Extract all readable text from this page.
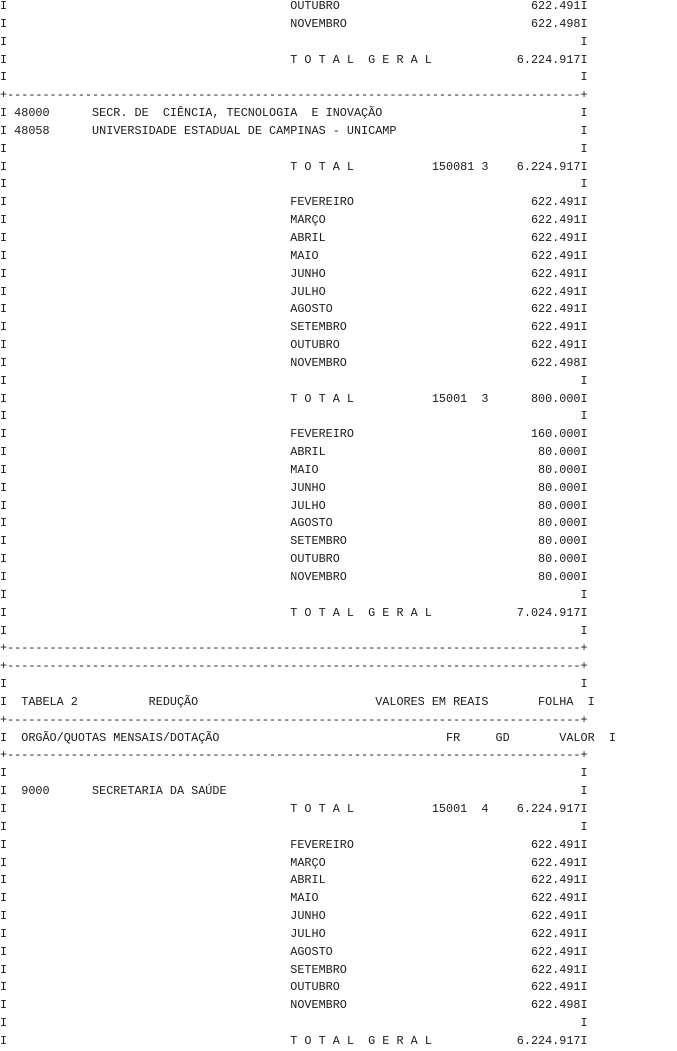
I                                        OUTUBRO                           622.491I
I                                        NOVEMBRO                          622.498I
I                                                                                 I
I                                        T O T A L  G E R A L            6.224.917I
I                                                                                 I
+---------------------------------------------------------------------------------+
I 48000      SECR. DE  CIÊNCIA, TECNOLOGIA  E INOVAÇÃO                            I
I 48058      UNIVERSIDADE ESTADUAL DE CAMPINAS - UNICAMP                          I
I                                                                                 I
I                                        T O T A L           150081 3    6.224.917I
I                                                                                 I
I                                        FEVEREIRO                         622.491I
I                                        MARÇO                             622.491I
I                                        ABRIL                             622.491I
I                                        MAIO                              622.491I
I                                        JUNHO                             622.491I
I                                        JULHO                             622.491I
I                                        AGOSTO                            622.491I
I                                        SETEMBRO                          622.491I
I                                        OUTUBRO                           622.491I
I                                        NOVEMBRO                          622.498I
I                                                                                 I
I                                        T O T A L           15001  3      800.000I
I                                                                                 I
I                                        FEVEREIRO                         160.000I
I                                        ABRIL                              80.000I
I                                        MAIO                               80.000I
I                                        JUNHO                              80.000I
I                                        JULHO                              80.000I
I                                        AGOSTO                             80.000I
I                                        SETEMBRO                           80.000I
I                                        OUTUBRO                            80.000I
I                                        NOVEMBRO                           80.000I
I                                                                                 I
I                                        T O T A L  G E R A L            7.024.917I
I                                                                                 I
+---------------------------------------------------------------------------------+
+---------------------------------------------------------------------------------+
I                                                                                 I
I  TABELA 2          REDUÇÃO                         VALORES EM REAIS       FOLHA  I
+---------------------------------------------------------------------------------+
I  ORGÃO/QUOTAS MENSAIS/DOTAÇÃO                                FR     GD       VALOR  I
+---------------------------------------------------------------------------------+
I                                                                                 I
I  9000      SECRETARIA DA SAÚDE                                                  I
I                                        T O T A L           15001  4    6.224.917I
I                                                                                 I
I                                        FEVEREIRO                         622.491I
I                                        MARÇO                             622.491I
I                                        ABRIL                             622.491I
I                                        MAIO                              622.491I
I                                        JUNHO                             622.491I
I                                        JULHO                             622.491I
I                                        AGOSTO                            622.491I
I                                        SETEMBRO                          622.491I
I                                        OUTUBRO                           622.491I
I                                        NOVEMBRO                          622.498I
I                                                                                 I
I                                        T O T A L  G E R A L            6.224.917I
